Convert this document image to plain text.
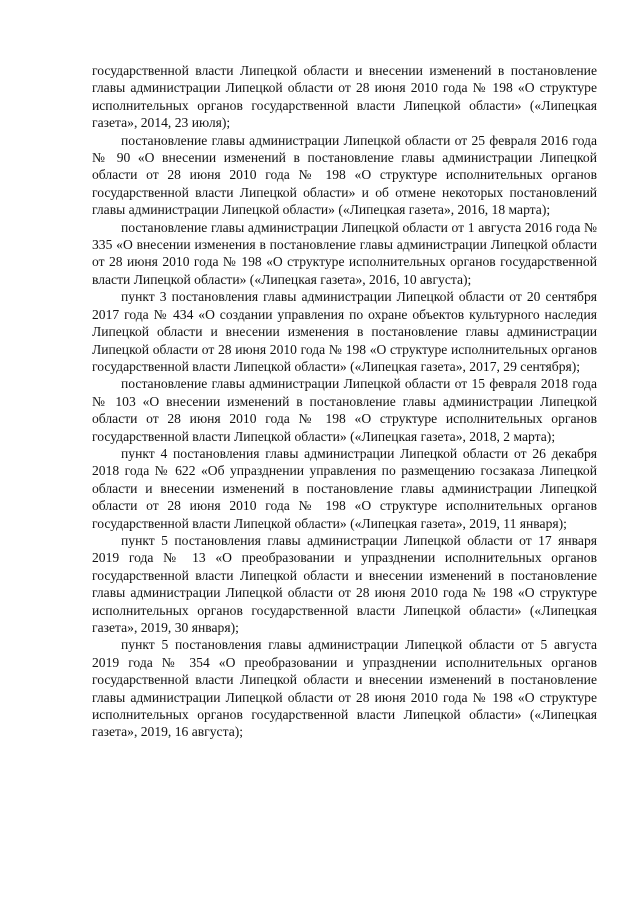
государственной власти Липецкой области и внесении изменений в постановление главы администрации Липецкой области от 28 июня 2010 года № 198 «О структуре исполнительных органов государственной власти Липецкой области» («Липецкая газета», 2014, 23 июля);

постановление главы администрации Липецкой области от 25 февраля 2016 года № 90 «О внесении изменений в постановление главы администрации Липецкой области от 28 июня 2010 года № 198 «О структуре исполнительных органов государственной власти Липецкой области» и об отмене некоторых постановлений главы администрации Липецкой области» («Липецкая газета», 2016, 18 марта);

постановление главы администрации Липецкой области от 1 августа 2016 года № 335 «О внесении изменения в постановление главы администрации Липецкой области от 28 июня 2010 года № 198 «О структуре исполнительных органов государственной власти Липецкой области» («Липецкая газета», 2016, 10 августа);

пункт 3 постановления главы администрации Липецкой области от 20 сентября 2017 года № 434 «О создании управления по охране объектов культурного наследия Липецкой области и внесении изменения в постановление главы администрации Липецкой области от 28 июня 2010 года № 198 «О структуре исполнительных органов государственной власти Липецкой области» («Липецкая газета», 2017, 29 сентября);

постановление главы администрации Липецкой области от 15 февраля 2018 года № 103 «О внесении изменений в постановление главы администрации Липецкой области от 28 июня 2010 года № 198 «О структуре исполнительных органов государственной власти Липецкой области» («Липецкая газета», 2018, 2 марта);

пункт 4 постановления главы администрации Липецкой области от 26 декабря 2018 года № 622 «Об упразднении управления по размещению госзаказа Липецкой области и внесении изменений в постановление главы администрации Липецкой области от 28 июня 2010 года № 198 «О структуре исполнительных органов государственной власти Липецкой области» («Липецкая газета», 2019, 11 января);

пункт 5 постановления главы администрации Липецкой области от 17 января 2019 года № 13 «О преобразовании и упразднении исполнительных органов государственной власти Липецкой области и внесении изменений в постановление главы администрации Липецкой области от 28 июня 2010 года № 198 «О структуре исполнительных органов государственной власти Липецкой области» («Липецкая газета», 2019, 30 января);

пункт 5 постановления главы администрации Липецкой области от 5 августа 2019 года № 354 «О преобразовании и упразднении исполнительных органов государственной власти Липецкой области и внесении изменений в постановление главы администрации Липецкой области от 28 июня 2010 года № 198 «О структуре исполнительных органов государственной власти Липецкой области» («Липецкая газета», 2019, 16 августа);
